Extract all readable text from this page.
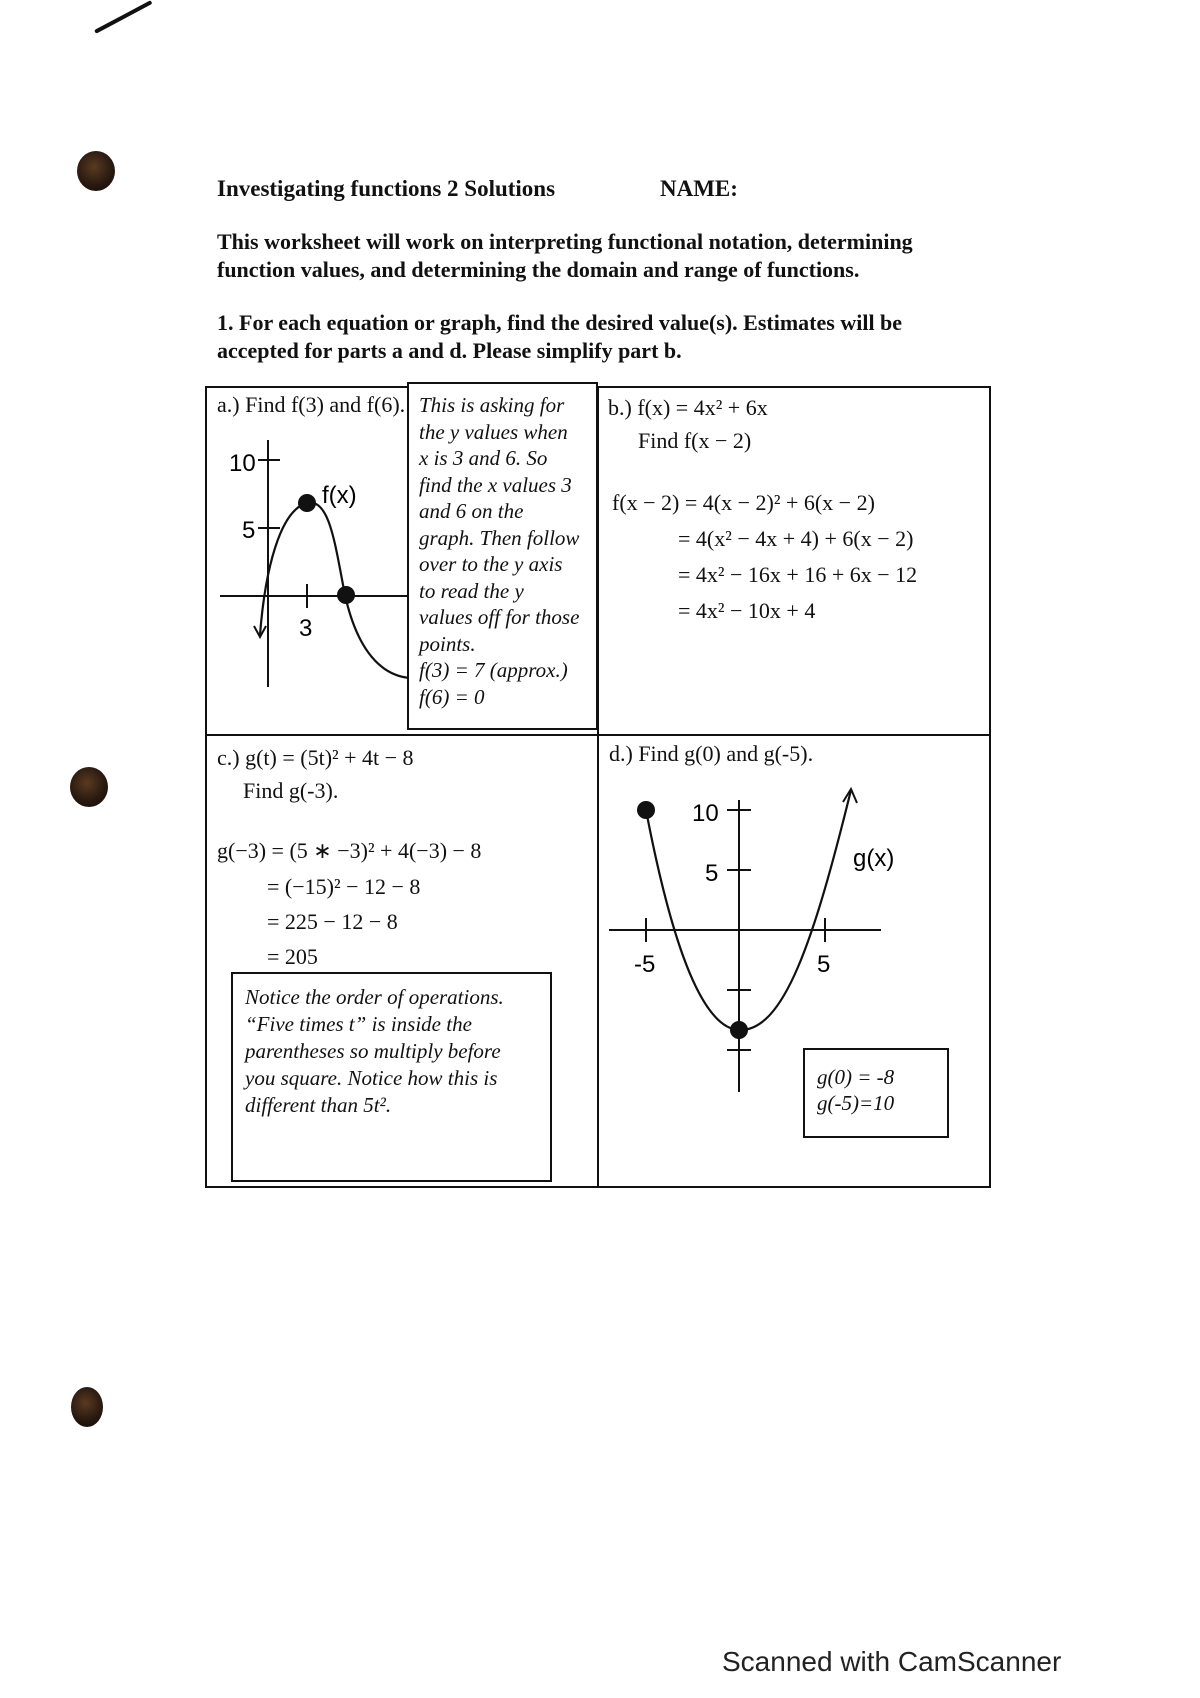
Investigating functions 2 Solutions	NAME:
This worksheet will work on interpreting functional notation, determining function values, and determining the domain and range of functions.
1. For each equation or graph, find the desired value(s). Estimates will be accepted for parts a and d. Please simplify part b.
a.) Find f(3) and f(6).
10
5
3
f(x)
This is asking for
the y values when
x is 3 and 6. So
find the x values 3
and 6 on the
graph. Then follow
over to the y axis
to read the y
values off for those
points.
f(3) = 7 (approx.)
f(6) = 0
b.) f(x) = 4x² + 6x
Find f(x − 2)
f(x − 2) = 4(x − 2)² + 6(x − 2)
= 4(x² − 4x + 4) + 6(x − 2)
= 4x² − 16x + 16 + 6x − 12
= 4x² − 10x + 4
c.) g(t) = (5t)² + 4t − 8
Find g(-3).
g(−3) = (5 ∗ −3)² + 4(−3) − 8
= (−15)² − 12 − 8
= 225 − 12 − 8
= 205
Notice the order of operations.
“Five times t” is inside the
parentheses so multiply before
you square. Notice how this is
different than 5t².
d.) Find g(0) and g(-5).
10
5
-5	5
g(x)
g(0) = -8
g(-5)=10
Scanned with CamScanner
